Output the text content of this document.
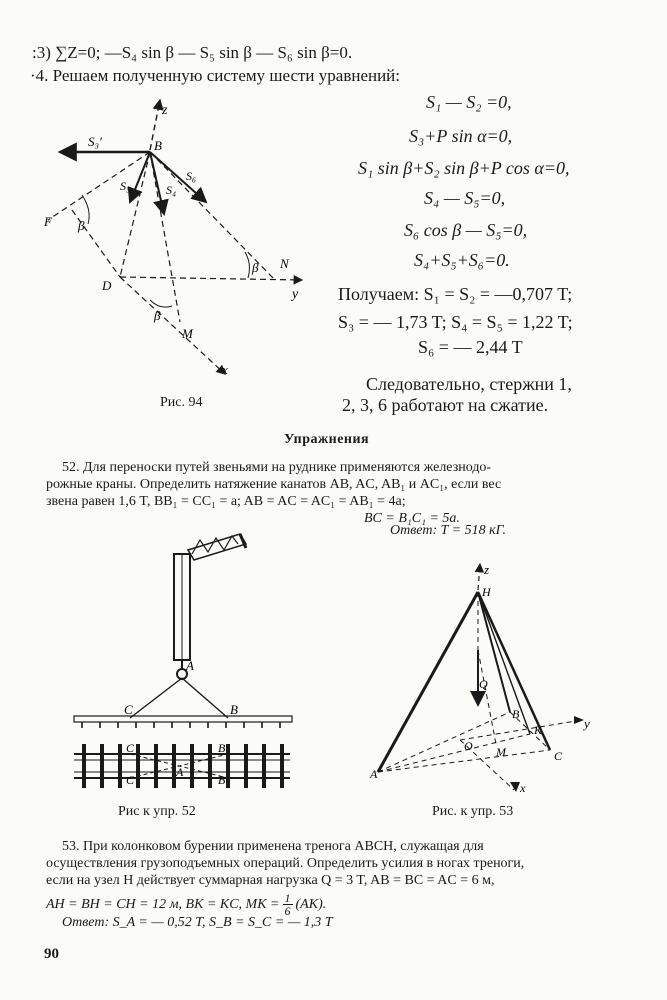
:3) ∑Z=0; —S₄ sin β — S₅ sin β — S₆ sin β=0.
·4. Решаем полученную систему шести уравнений:
S₁ — S₂ =0,
S₃+P sin α=0,
S₁ sin β+S₂ sin β+P cos α=0,
S₄ — S₅=0,
S₆ cos β — S₅=0,
S₄+S₅+S₆=0.
Получаем: S₁ = S₂ = —0,707 T;
S₃ = — 1,73 T; S₄ = S₅ = 1,22 T;
S₆ = — 2,44 T
Следовательно, стержни 1,
2, 3, 6 работают на сжатие.
z
B
S₃′
S₅	S₄
S₆
F β
β N
D
y
β
M
x
Рис. 94
Упражнения
52. Для переноски путей звеньями на руднике применяются железнодо-
рожные краны. Определить натяжение канатов AB, AC, AB₁ и AC₁, если вес
звена равен 1,6 T, BB₁ = CC₁ = a; AB = AC = AC₁ = AB₁ = 4a;
BC = B₁C₁ = 5a.
Ответ: T = 518 кГ.
A
C	B
C	B
A
C	B
Рис к упр. 52
z
H
Q
B
K	y
O M
A
C
x
Рис. к упр. 53
53. При колонковом бурении применена тренога ABCH, служащая для
осуществления грузоподъемных операций. Определить усилия в ногах треноги,
если на узел H действует суммарная нагрузка Q = 3 T, AB = BC = AC = 6 м,
AH = BH = CH = 12 м, BK = KC, MK = $\frac{1}{6} (AK)$.
Ответ: S_A = — 0,52 T, S_B = S_C = — 1,3 T
90
